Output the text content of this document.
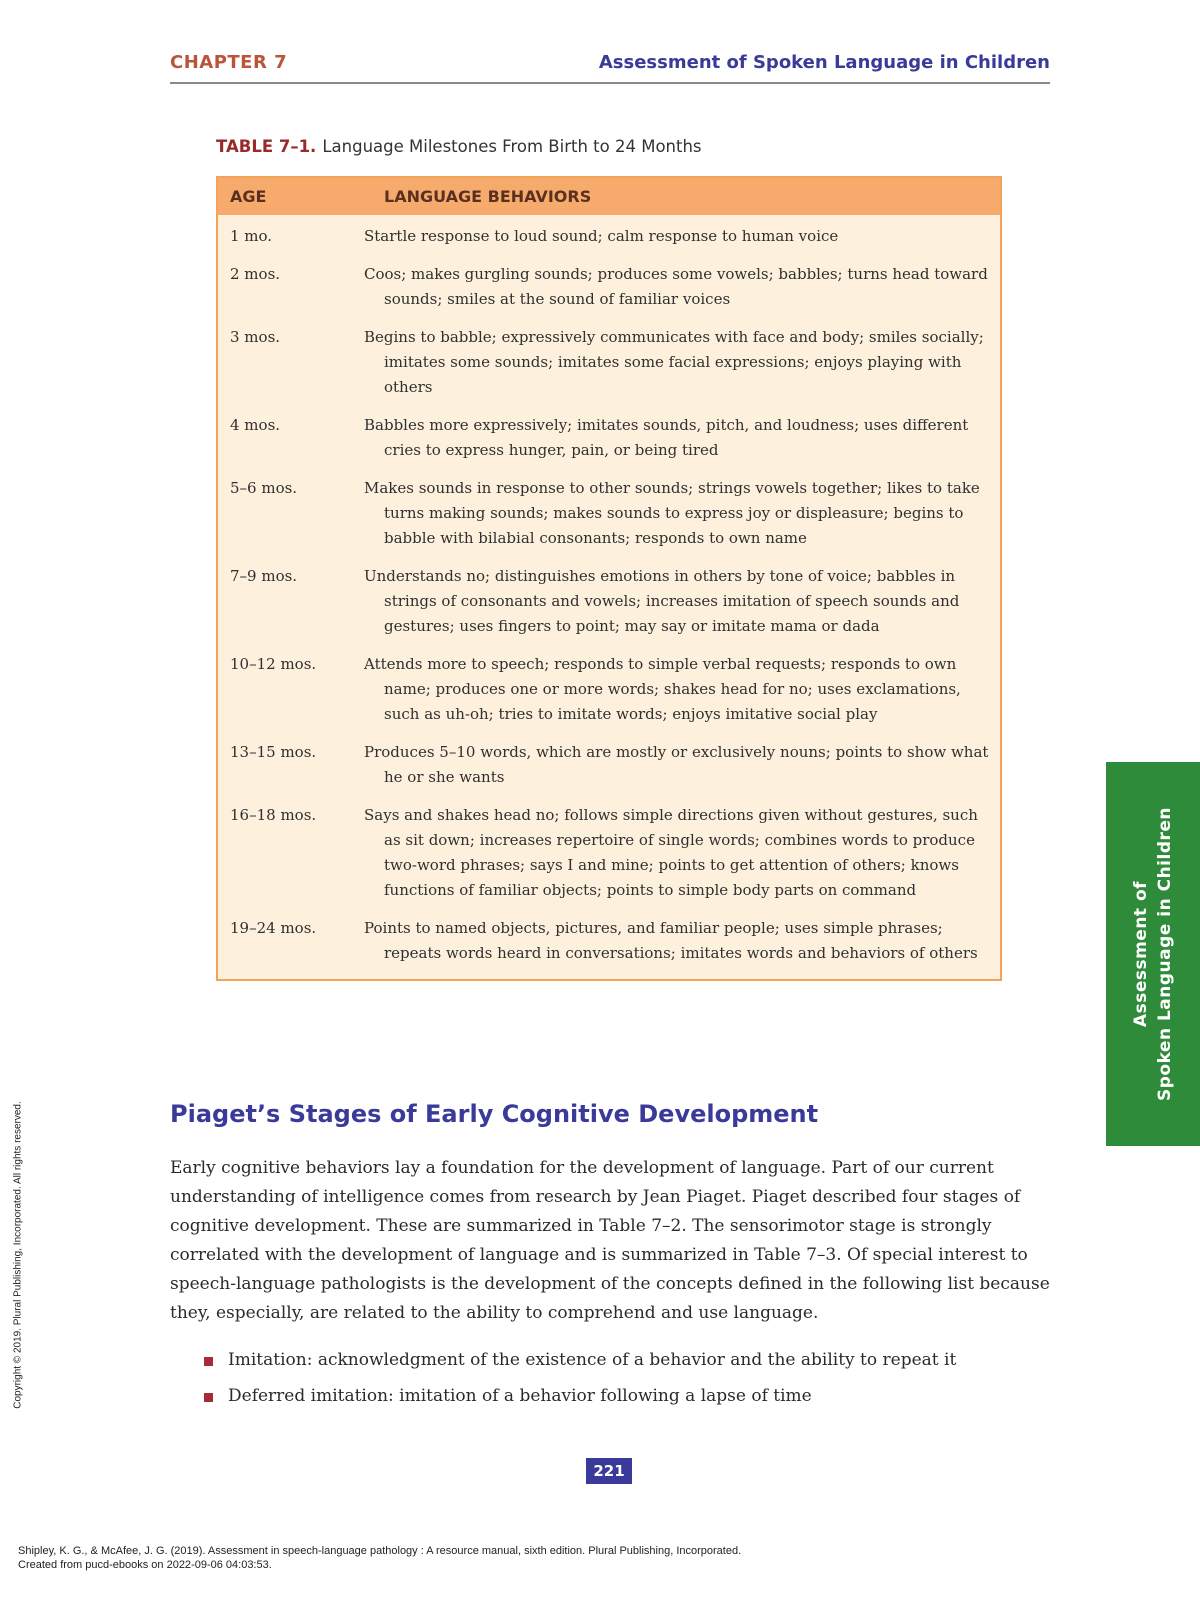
CHAPTER 7	Assessment of Spoken Language in Children
TABLE 7–1. Language Milestones From Birth to 24 Months
AGE	LANGUAGE BEHAVIORS
1 mo.	Startle response to loud sound; calm response to human voice
2 mos.	Coos; makes gurgling sounds; produces some vowels; babbles; turns head toward sounds; smiles at the sound of familiar voices
3 mos.	Begins to babble; expressively communicates with face and body; smiles socially; imitates some sounds; imitates some facial expressions; enjoys playing with others
4 mos.	Babbles more expressively; imitates sounds, pitch, and loudness; uses different cries to express hunger, pain, or being tired
5–6 mos.	Makes sounds in response to other sounds; strings vowels together; likes to take turns making sounds; makes sounds to express joy or displeasure; begins to babble with bilabial consonants; responds to own name
7–9 mos.	Understands no; distinguishes emotions in others by tone of voice; babbles in strings of consonants and vowels; increases imitation of speech sounds and gestures; uses fingers to point; may say or imitate mama or dada
10–12 mos.	Attends more to speech; responds to simple verbal requests; responds to own name; produces one or more words; shakes head for no; uses exclamations, such as uh-oh; tries to imitate words; enjoys imitative social play
13–15 mos.	Produces 5–10 words, which are mostly or exclusively nouns; points to show what he or she wants
16–18 mos.	Says and shakes head no; follows simple directions given without gestures, such as sit down; increases repertoire of single words; combines words to produce two-word phrases; says I and mine; points to get attention of others; knows functions of familiar objects; points to simple body parts on command
19–24 mos.	Points to named objects, pictures, and familiar people; uses simple phrases; repeats words heard in conversations; imitates words and behaviors of others	Assessment of Spoken Language in Children
Copyright © 2019. Plural Publishing, Incorporated. All rights reserved.	Piaget’s Stages of Early Cognitive Development

Early cognitive behaviors lay a foundation for the development of language. Part of our current understanding of intelligence comes from research by Jean Piaget. Piaget described four stages of cognitive development. These are summarized in Table 7–2. The sensorimotor stage is strongly correlated with the development of language and is summarized in Table 7–3. Of special interest to speech-language pathologists is the development of the concepts defined in the following list because they, especially, are related to the ability to comprehend and use language.

Imitation: acknowledgment of the existence of a behavior and the ability to repeat it
Deferred imitation: imitation of a behavior following a lapse of time
221
Shipley, K. G., & McAfee, J. G. (2019). Assessment in speech-language pathology : A resource manual, sixth edition. Plural Publishing, Incorporated.
Created from pucd-ebooks on 2022-09-06 04:03:53.
